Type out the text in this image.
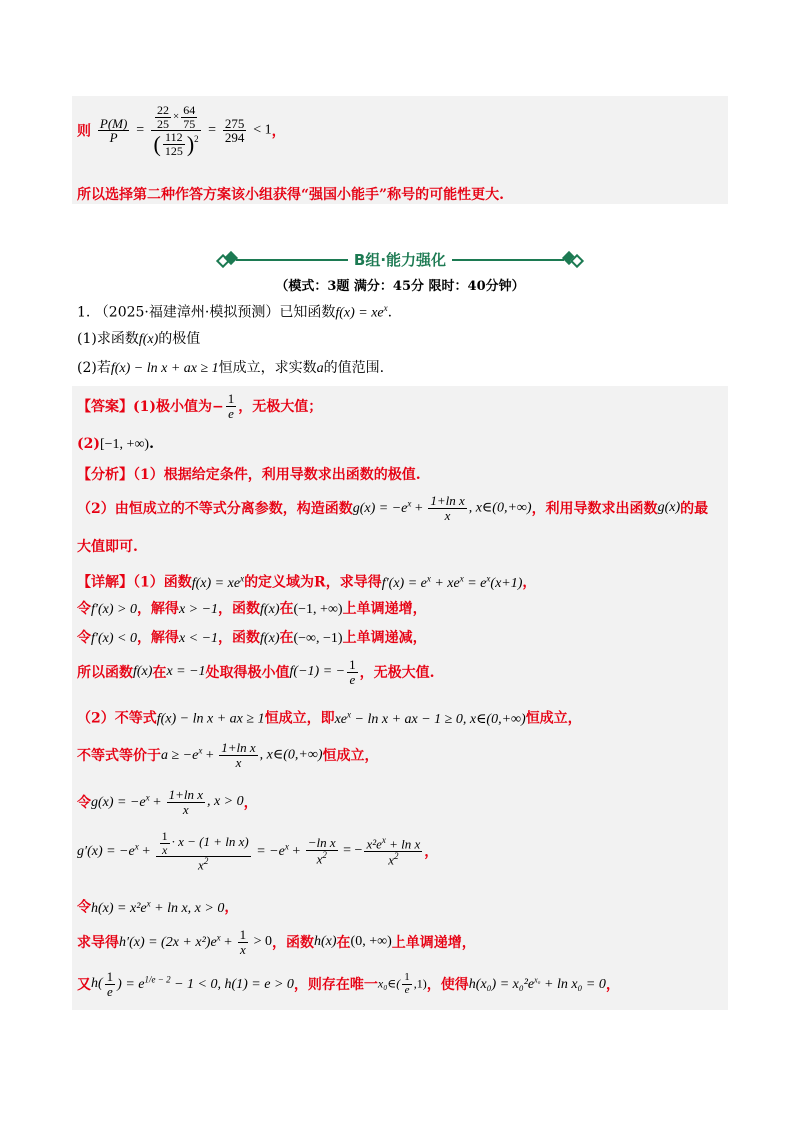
则 $\frac{P(M)}{P} = \frac{\frac{22}{25} \times \frac{64}{75}}{( \frac{112}{125} )^2} = \frac{275}{294} < 1$，
所以选择第二种作答方案该小组获得“强国小能手”称号的可能性更大.
B组·能力强化
（模式：3题 满分：45分 限时：40分钟）
1. （2025·福建漳州·模拟预测）已知函数$f(x) = xe^x$.
(1)求函数f(x)的极值
(2)若f(x) − ln x + ax ≥ 1恒成立，求实数a的值范围.
【答案】(1)极小值为− $\frac{1}{e}$ ，无极大值；
(2)[−1, +∞).
【分析】（1）根据给定条件，利用导数求出函数的极值.
（2）由恒成立的不等式分离参数，构造函数$g(x) = -e^x + \frac{\text{1+ln x}}{x}$ , x∈(0,+∞)，利用导数求出函数g(x)的最
大值即可.
【详解】（1）函数$f(x) = xe^x$的定义域为R，求导得$f'(x) = e^x + xe^x = e^x(x+1)$，
令f′(x) > 0，解得x > −1，函数f(x)在(−1, +∞)上单调递增，
令f′(x) < 0，解得x < −1，函数f(x)在(−∞, −1)上单调递减，
所以函数f(x)在x = −1处取得极小值f(−1) = − $\frac{1}{e}$ ，无极大值.
（2）不等式f(x) − ln x + ax ≥ 1恒成立，即$xe^x - \ln x$ + ax − 1 ≥ 0, x∈(0,+∞)恒成立，
不等式等价于$a \ge -e^x + \frac{\text{1+ln x}}{x}$ , x∈(0,+∞)恒成立，
令$g(x) = -e^x + \frac{\text{1+ln x}}{x}$ , x > 0，
$g'(x) = -e^x + \frac{\frac{1}{x} \cdot x - (1 + \ln x)}{x^2} = -e^x + \frac{\text{−ln x}}{x^2}$ = − $\frac{x^2e^x + \ln x}{x^2}$ ，
令$h(x) = x^2e^x + \ln x$, x > 0，
求导得$h'(x) = (2x + x^2)e^x + \frac{1}{x} > 0$，函数h(x)在(0, +∞)上单调递增，
又$h( \frac{1}{e}$ ) = $e^{1/e - 2} - 1 < 0$, h(1) = e > 0，则存在唯一x₀∈( $\frac{1}{e} ,1$)，使得$h(x_0) = x_0^2e^{x_0} + \ln x_0 = 0$，
